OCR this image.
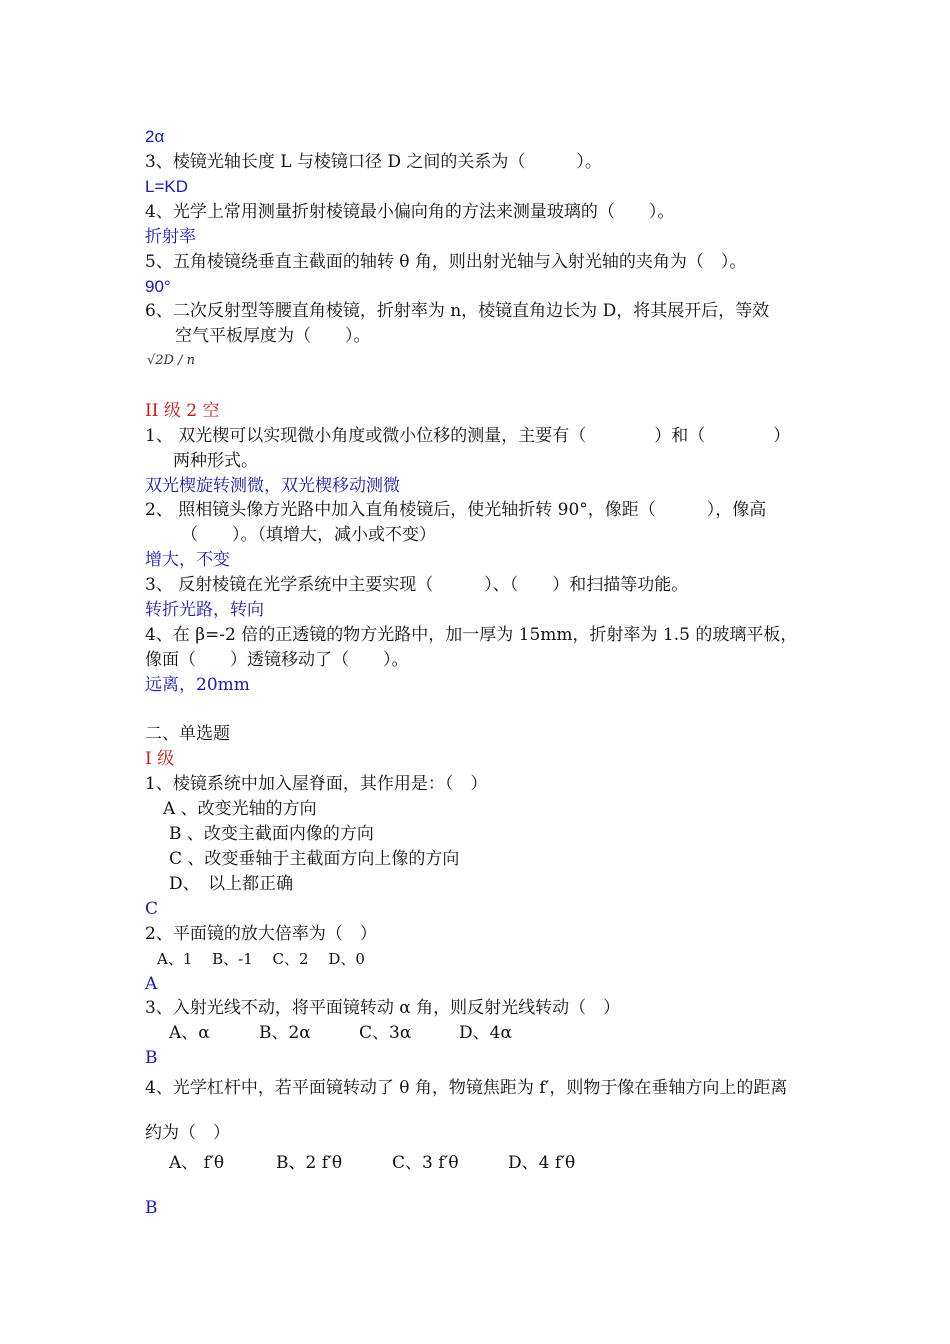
2α
3、棱镜光轴长度 L 与棱镜口径 D 之间的关系为（　　　）。
L=KD
4、光学上常用测量折射棱镜最小偏向角的方法来测量玻璃的（　　）。
折射率
5、五角棱镜绕垂直主截面的轴转 θ 角，则出射光轴与入射光轴的夹角为（　）。
90°
6、二次反射型等腰直角棱镜，折射率为 n，棱镜直角边长为 D，将其展开后，等效
空气平板厚度为（　　）。
√2D / n
II 级 2 空
1、 双光楔可以实现微小角度或微小位移的测量，主要有（　　　　）和（　　　　）
两种形式。
双光楔旋转测微，双光楔移动测微
2、 照相镜头像方光路中加入直角棱镜后，使光轴折转 90°，像距（　　　），像高
（　　）。（填增大，减小或不变）
增大，不变
3、 反射棱镜在光学系统中主要实现（　　　）、（　　）和扫描等功能。
转折光路，转向
4、在 β=-2 倍的正透镜的物方光路中，加一厚为 15mm，折射率为 1.5 的玻璃平板，
像面（　　）透镜移动了（　　）。
远离，20mm
二、单选题
I 级
1、棱镜系统中加入屋脊面，其作用是：（　）
A 、改变光轴的方向
B 、改变主截面内像的方向
C 、改变垂轴于主截面方向上像的方向
D、　以上都正确
C
2、平面镜的放大倍率为（　）
A、1　 B、-1　 C、2　 D、0
A
3、入射光线不动，将平面镜转动 α 角，则反射光线转动（　）
A、α	B、2α	C、3α	D、4α
B
4、光学杠杆中，若平面镜转动了 θ 角，物镜焦距为 f′，则物于像在垂轴方向上的距离
约为（　）
A、 f′θ	B、2 f′θ	C、3 f′θ	D、4 f′θ
B
